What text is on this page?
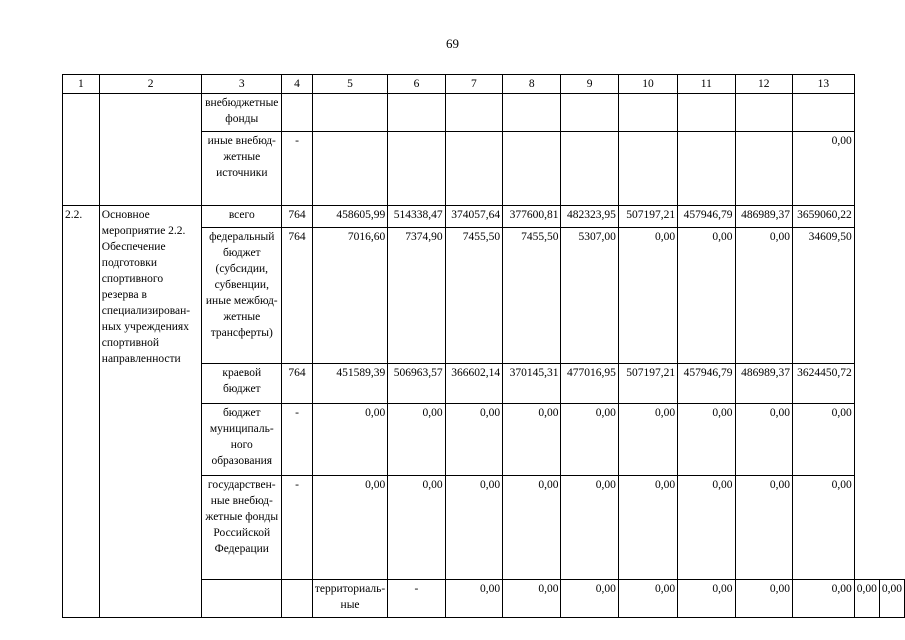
69
1	2	3	4	5	6	7	8	9	10	11	12	13		
		внебюджетные фонды												
		иные внебюд-жетные источники	-									0,00		
2.2.	Основное мероприятие 2.2. Обеспечение подготовки спортивного резерва в специализирован-ных учреждениях спортивной направленности	всего	764	458605,99	514338,47	374057,64	377600,81	482323,95	507197,21	457946,79	486989,37	3659060,22		
		федеральный бюджет (субсидии, субвенции, иные межбюд-жетные трансферты)	764	7016,60	7374,90	7455,50	7455,50	5307,00	0,00	0,00	0,00	34609,50		
		краевой бюджет	764	451589,39	506963,57	366602,14	370145,31	477016,95	507197,21	457946,79	486989,37	3624450,72		
		бюджет муниципаль-ного образования	-	0,00	0,00	0,00	0,00	0,00	0,00	0,00	0,00	0,00		
		государствен-ные внебюд-жетные фонды Российской Федерации	-	0,00	0,00	0,00	0,00	0,00	0,00	0,00	0,00	0,00		
				территориаль-ные	-	0,00	0,00	0,00	0,00	0,00	0,00	0,00	0,00	0,00
